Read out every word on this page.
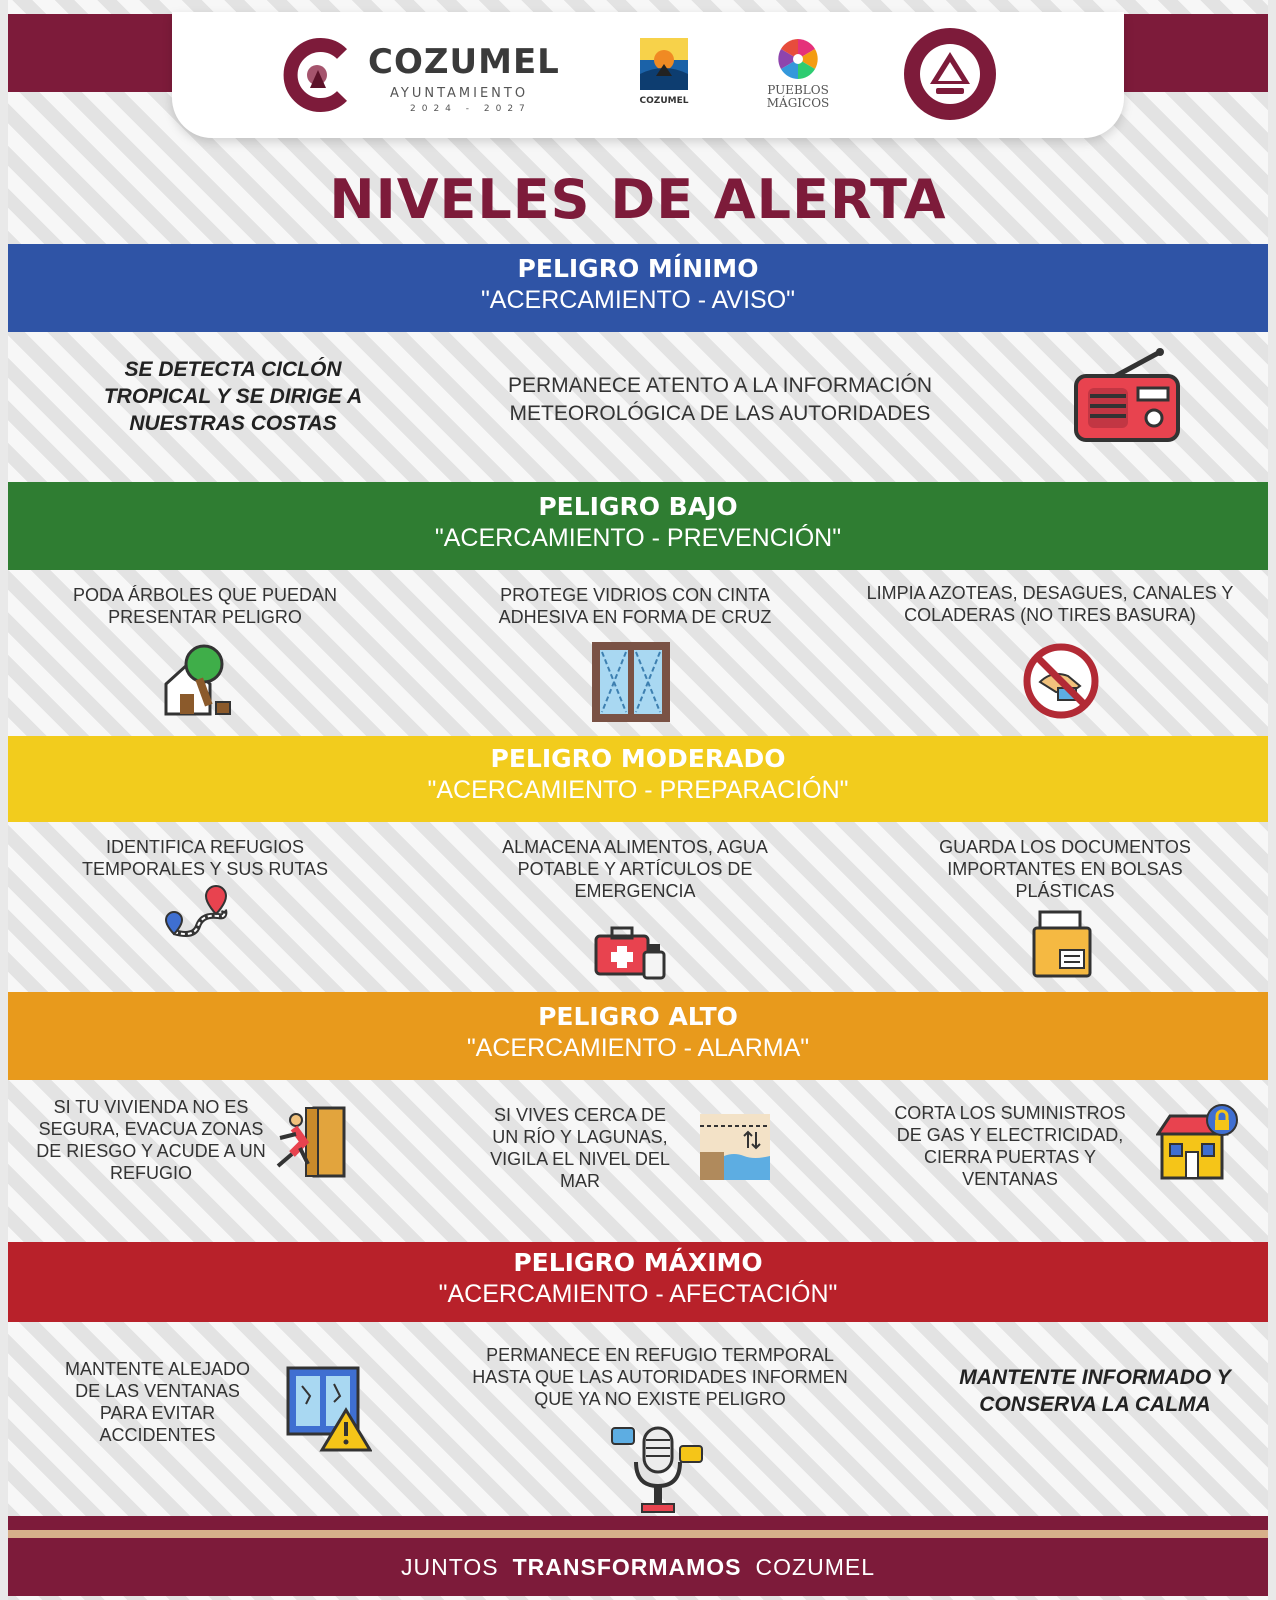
COZUMEL
AYUNTAMIENTO
2024 - 2027
COZUMEL
PUEBLOS MÁGICOS
NIVELES DE ALERTA
PELIGRO MÍNIMO
"ACERCAMIENTO - AVISO"
SE DETECTA CICLÓN TROPICAL Y SE DIRIGE A NUESTRAS COSTAS
PERMANECE ATENTO A LA INFORMACIÓN METEOROLÓGICA DE LAS AUTORIDADES
PELIGRO BAJO
"ACERCAMIENTO - PREVENCIÓN"
PODA ÁRBOLES QUE PUEDAN PRESENTAR PELIGRO
PROTEGE VIDRIOS CON CINTA ADHESIVA EN FORMA DE CRUZ
LIMPIA AZOTEAS, DESAGUES, CANALES Y COLADERAS (NO TIRES BASURA)
PELIGRO MODERADO
"ACERCAMIENTO - PREPARACIÓN"
IDENTIFICA REFUGIOS TEMPORALES Y SUS RUTAS
ALMACENA ALIMENTOS, AGUA POTABLE Y ARTÍCULOS DE EMERGENCIA
GUARDA LOS DOCUMENTOS IMPORTANTES EN BOLSAS PLÁSTICAS
PELIGRO ALTO
"ACERCAMIENTO - ALARMA"
SI TU VIVIENDA NO ES SEGURA, EVACUA ZONAS DE RIESGO Y ACUDE A UN REFUGIO
SI VIVES CERCA DE UN RÍO Y LAGUNAS, VIGILA EL NIVEL DEL MAR
CORTA LOS SUMINISTROS DE GAS Y ELECTRICIDAD, CIERRA PUERTAS Y VENTANAS
PELIGRO MÁXIMO
"ACERCAMIENTO - AFECTACIÓN"
MANTENTE ALEJADO DE LAS VENTANAS PARA EVITAR ACCIDENTES
PERMANECE EN REFUGIO TERMPORAL HASTA QUE LAS AUTORIDADES INFORMEN QUE YA NO EXISTE PELIGRO
MANTENTE INFORMADO Y CONSERVA LA CALMA
JUNTOS TRANSFORMAMOS COZUMEL
